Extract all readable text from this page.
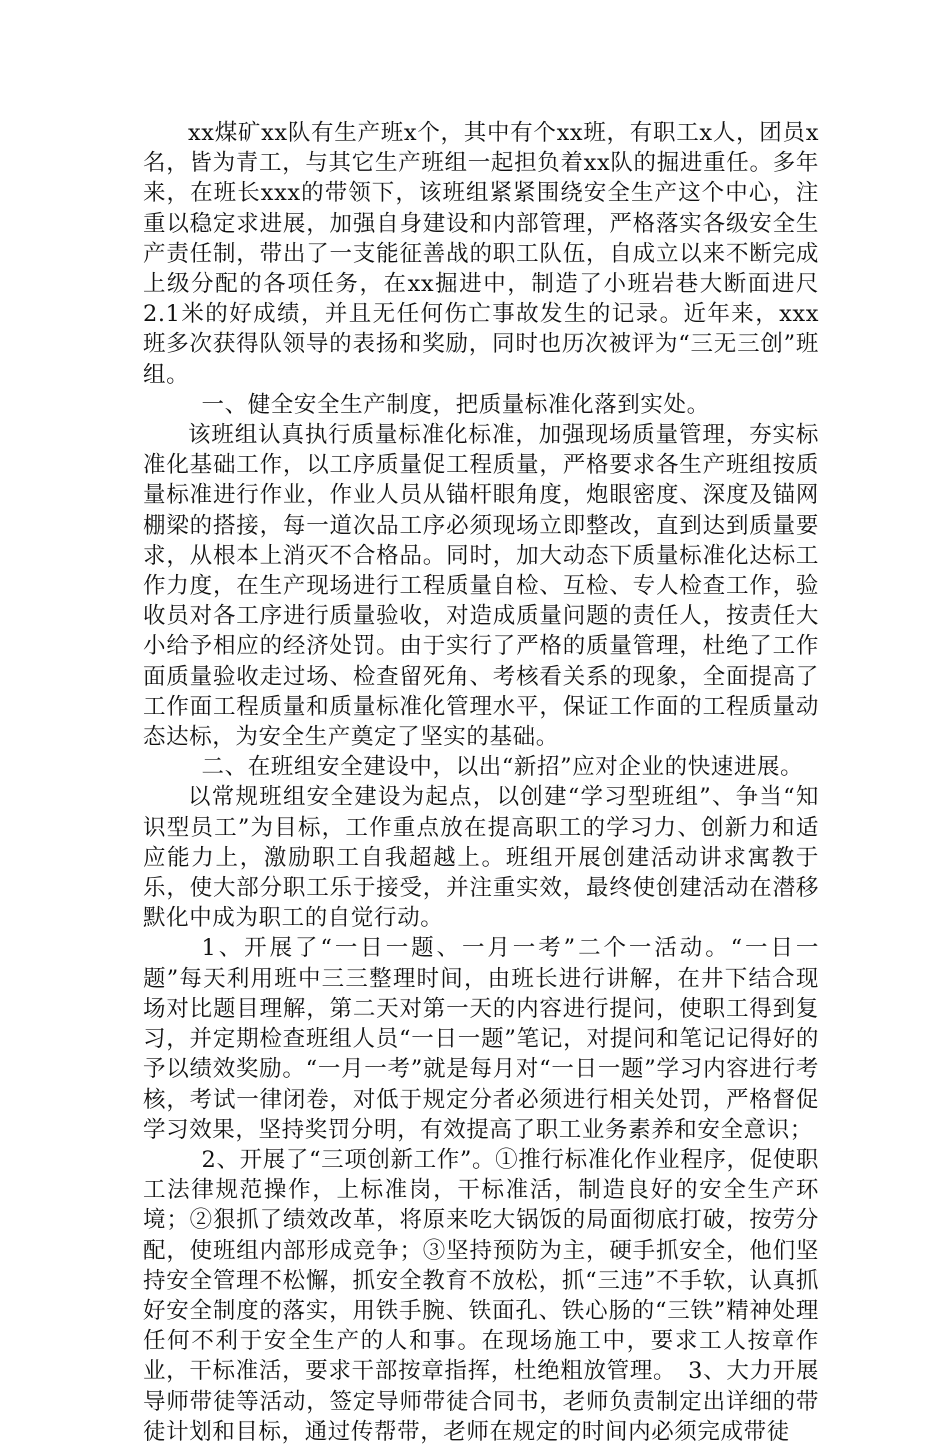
xx煤矿xx队有生产班x个，其中有个xx班，有职工x人，团员x名，皆为青工，与其它生产班组一起担负着xx队的掘进重任。多年来，在班长xxx的带领下，该班组紧紧围绕安全生产这个中心，注重以稳定求进展，加强自身建设和内部管理，严格落实各级安全生产责任制，带出了一支能征善战的职工队伍，自成立以来不断完成上级分配的各项任务，在xx掘进中，制造了小班岩巷大断面进尺2.1米的好成绩，并且无任何伤亡事故发生的记录。近年来，xxx班多次获得队领导的表扬和奖励，同时也历次被评为“三无三创”班组。

一、健全安全生产制度，把质量标准化落到实处。

该班组认真执行质量标准化标准，加强现场质量管理，夯实标准化基础工作，以工序质量促工程质量，严格要求各生产班组按质量标准进行作业，作业人员从锚杆眼角度，炮眼密度、深度及锚网棚梁的搭接，每一道次品工序必须现场立即整改，直到达到质量要求，从根本上消灭不合格品。同时，加大动态下质量标准化达标工作力度，在生产现场进行工程质量自检、互检、专人检查工作，验收员对各工序进行质量验收，对造成质量问题的责任人，按责任大小给予相应的经济处罚。由于实行了严格的质量管理，杜绝了工作面质量验收走过场、检查留死角、考核看关系的现象，全面提高了工作面工程质量和质量标准化管理水平，保证工作面的工程质量动态达标，为安全生产奠定了坚实的基础。

二、在班组安全建设中，以出“新招”应对企业的快速进展。

以常规班组安全建设为起点，以创建“学习型班组”、争当“知识型员工”为目标，工作重点放在提高职工的学习力、创新力和适应能力上，激励职工自我超越上。班组开展创建活动讲求寓教于乐，使大部分职工乐于接受，并注重实效，最终使创建活动在潜移默化中成为职工的自觉行动。

1、开展了“一日一题、一月一考”二个一活动。“一日一题”每天利用班中三三整理时间，由班长进行讲解，在井下结合现场对比题目理解，第二天对第一天的内容进行提问，使职工得到复习，并定期检查班组人员“一日一题”笔记，对提问和笔记记得好的予以绩效奖励。“一月一考”就是每月对“一日一题”学习内容进行考核，考试一律闭卷，对低于规定分者必须进行相关处罚，严格督促学习效果，坚持奖罚分明，有效提高了职工业务素养和安全意识；

2、开展了“三项创新工作”。①推行标准化作业程序，促使职工法律规范操作，上标准岗，干标准活，制造良好的安全生产环境；②狠抓了绩效改革，将原来吃大锅饭的局面彻底打破，按劳分配，使班组内部形成竞争；③坚持预防为主，硬手抓安全，他们坚持安全管理不松懈，抓安全教育不放松，抓“三违”不手软，认真抓好安全制度的落实，用铁手腕、铁面孔、铁心肠的“三铁”精神处理任何不利于安全生产的人和事。在现场施工中，要求工人按章作业，干标准活，要求干部按章指挥，杜绝粗放管理。　3、大力开展导师带徒等活动，签定导师带徒合同书，老师负责制定出详细的带徒计划和目标，通过传帮带，老师在规定的时间内必须完成带徒
